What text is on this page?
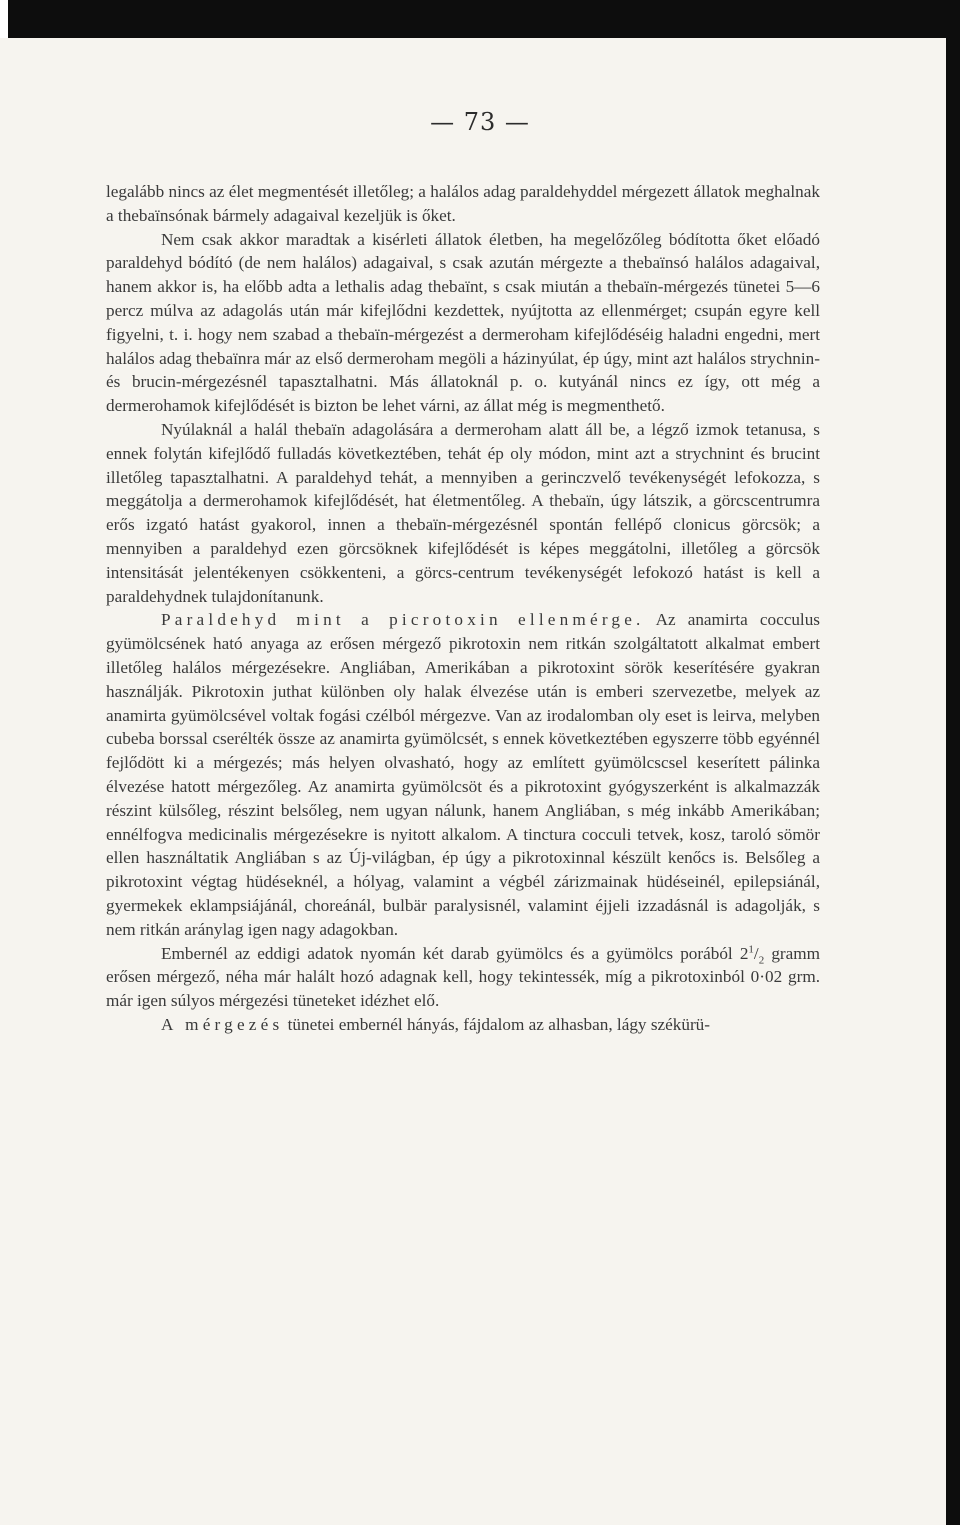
— 73 —

legalább nincs az élet megmentését illetőleg; a halálos adag paraldehyddel mérgezett állatok meghalnak a thebaïnsónak bármely adagaival kezeljük is őket.

Nem csak akkor maradtak a kisérleti állatok életben, ha megelőzőleg bódította őket előadó paraldehyd bódító (de nem halálos) adagaival, s csak azután mérgezte a thebaïnsó halálos adagaival, hanem akkor is, ha előbb adta a lethalis adag thebaïnt, s csak miután a thebaïn-mérgezés tünetei 5—6 percz múlva az adagolás után már kifejlődni kezdettek, nyújtotta az ellenmérget; csupán egyre kell figyelni, t. i. hogy nem szabad a thebaïn-mérgezést a dermeroham kifejlődéséig haladni engedni, mert halálos adag thebaïnra már az első dermeroham megöli a házinyúlat, ép úgy, mint azt halálos strychnin- és brucin-mérgezésnél tapasztalhatni. Más állatoknál p. o. kutyánál nincs ez így, ott még a dermerohamok kifejlődését is bizton be lehet várni, az állat még is megmenthető.

Nyúlaknál a halál thebaïn adagolására a dermeroham alatt áll be, a légző izmok tetanusa, s ennek folytán kifejlődő fulladás következtében, tehát ép oly módon, mint azt a strychnint és brucint illetőleg tapasztalhatni. A paraldehyd tehát, a mennyiben a gerinczvelő tevékenységét lefokozza, s meggátolja a dermerohamok kifejlődését, hat életmentőleg. A thebaïn, úgy látszik, a görcscentrumra erős izgató hatást gyakorol, innen a thebaïn-mérgezésnél spontán fellépő clonicus görcsök; a mennyiben a paraldehyd ezen görcsöknek kifejlődését is képes meggátolni, illetőleg a görcsök intensitását jelentékenyen csökkenteni, a görcs-centrum tevékenységét lefokozó hatást is kell a paraldehydnek tulajdonítanunk.

Paraldehyd mint a picrotoxin ellenmérge. Az anamirta cocculus gyümölcsének ható anyaga az erősen mérgező pikrotoxin nem ritkán szolgáltatott alkalmat embert illetőleg halálos mérgezésekre. Angliában, Amerikában a pikrotoxint sörök keserítésére gyakran használják. Pikrotoxin juthat különben oly halak élvezése után is emberi szervezetbe, melyek az anamirta gyümölcsével voltak fogási czélból mérgezve. Van az irodalomban oly eset is leirva, melyben cubeba borssal cserélték össze az anamirta gyümölcsét, s ennek következtében egyszerre több egyénnél fejlődött ki a mérgezés; más helyen olvasható, hogy az említett gyümölcscsel keserített pálinka élvezése hatott mérgezőleg. Az anamirta gyümölcsöt és a pikrotoxint gyógyszerként is alkalmazzák részint külsőleg, részint belsőleg, nem ugyan nálunk, hanem Angliában, s még inkább Amerikában; ennélfogva medicinalis mérgezésekre is nyitott alkalom. A tinctura cocculi tetvek, kosz, taroló sömör ellen használtatik Angliában s az Új-világban, ép úgy a pikrotoxinnal készült kenőcs is. Belsőleg a pikrotoxint végtag hüdéseknél, a hólyag, valamint a végbél zárizmainak hüdéseinél, epilepsiánál, gyermekek eklampsiájánál, choreánál, bulbär paralysisnél, valamint éjjeli izzadásnál is adagolják, s nem ritkán aránylag igen nagy adagokban.

Embernél az eddigi adatok nyomán két darab gyümölcs és a gyümölcs porából $2^1/_2$ gramm erősen mérgező, néha már halált hozó adagnak kell, hogy tekintessék, míg a pikrotoxinból 0·02 grm. már igen súlyos mérgezési tüneteket idézhet elő.

A mérgezés tünetei embernél hányás, fájdalom az alhasban, lágy székürü-
